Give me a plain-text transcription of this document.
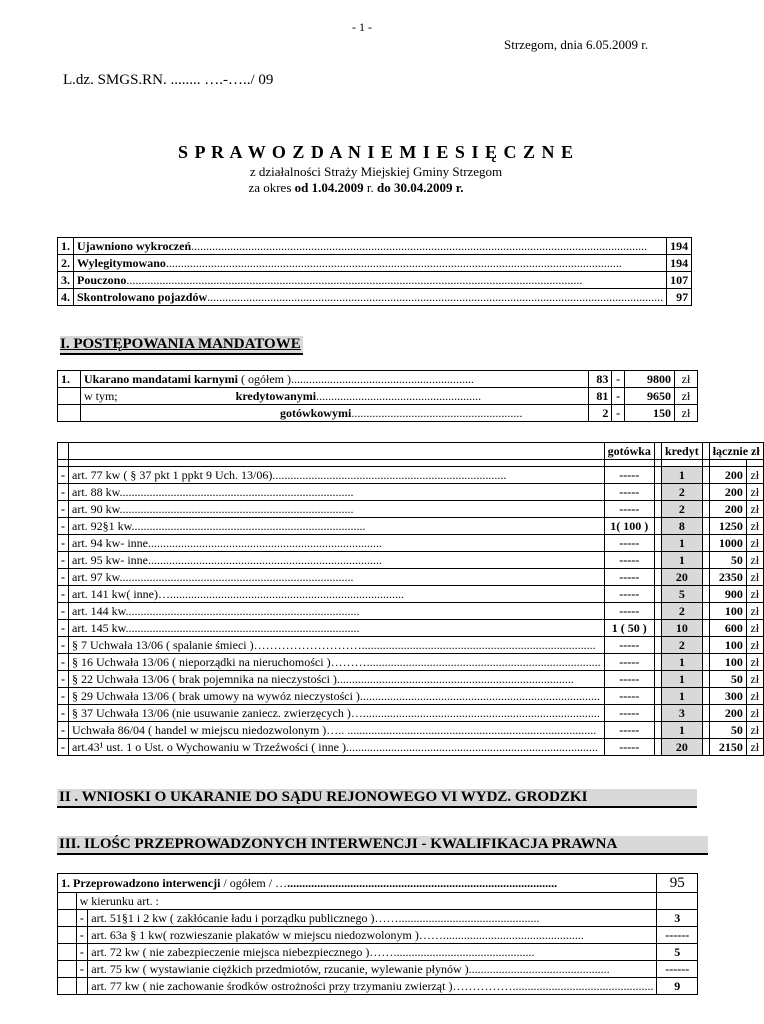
- 1 -
Strzegom, dnia 6.05.2009 r.
L.dz. SMGS.RN. ........ ….-…../ 09
S P R A W O Z D A N I E M I E S I Ę C Z N E
z działalności Straży Miejskiej Gminy Strzegom
za okres od 1.04.2009 r. do 30.04.2009 r.
1.	Ujawniono wykroczeń........................................................................................................................................................	194
2.	Wylegitymowano........................................................................................................................................................	194
3.	Pouczono........................................................................................................................................................	107
4.	Skontrolowano pojazdów........................................................................................................................................................	97
I. POSTĘPOWANIA MANDATOWE
1.	Ukarano mandatami karnymi ( ogółem ).............................................................	83	-	9800	zł
	w tym; kredytowanymi.......................................................	81	-	9650	zł
	gotówkowymi.........................................................	2	-	150	zł
		gotówka		kredyt		łącznie zł	

-	art. 77 kw ( § 37 pkt 1 ppkt 9 Uch. 13/06)..............................................................................	-----		1		200	zł
-	art. 88 kw..............................................................................	-----		2		200	zł
-	art. 90 kw..............................................................................	-----		2		200	zł
-	art. 92§1 kw..............................................................................	1( 100 )		8		1250	zł
-	art. 94 kw- inne..............................................................................	-----		1		1000	zł
-	art. 95 kw- inne..............................................................................	-----		1		50	zł
-	art. 97 kw..............................................................................	-----		20		2350	zł
-	art. 141 kw( inne)…..............................................................................	-----		5		900	zł
-	art. 144 kw..............................................................................	-----		2		100	zł
-	art. 145 kw..............................................................................	1 ( 50 )		10		600	zł
-	§ 7 Uchwała 13/06 ( spalanie śmieci )………………………..............................................................................	-----		2		100	zł
-	§ 16 Uchwała 13/06 ( nieporządki na nieruchomości )………..............................................................................	-----		1		100	zł
-	§ 22 Uchwała 13/06 ( brak pojemnika na nieczystości )...............................................................................	-----		1		50	zł
-	§ 29 Uchwała 13/06 ( brak umowy na wywóz nieczystości )................................................................................	-----		1		300	zł
-	§ 37 Uchwała 13/06 (nie usuwanie zaniecz. zwierzęcych )…...............................................................................	-----		3		200	zł
-	Uchwała 86/04 ( handel w miejscu niedozwolonym )….. ...................................................................................	-----		1		50	zł
-	art.43¹ ust. 1 o Ust. o Wychowaniu w Trzeźwości ( inne )....................................................................................	-----		20		2150	zł
II . WNIOSKI O UKARANIE DO SĄDU REJONOWEGO VI WYDZ. GRODZKI
III. ILOŚC PRZEPROWADZONYCH INTERWENCJI - KWALIFIKACJA PRAWNA
1. Przeprowadzono interwencji / ogółem / …..........................................................................................			95
	w kierunku art. :		
	-	art. 51§1 i 2 kw ( zakłócanie ładu i porządku publicznego )……...............................................	3
	-	art. 63a § 1 kw( rozwieszanie plakatów w miejscu niedozwolonym )……...............................................	------
	-	art. 72 kw ( nie zabezpieczenie miejsca niebezpiecznego )……...............................................	5
	-	art. 75 kw ( wystawianie ciężkich przedmiotów, rzucanie, wylewanie płynów )...............................................	------
		art. 77 kw ( nie zachowanie środków ostrożności przy trzymaniu zwierząt )……………...............................................	9
